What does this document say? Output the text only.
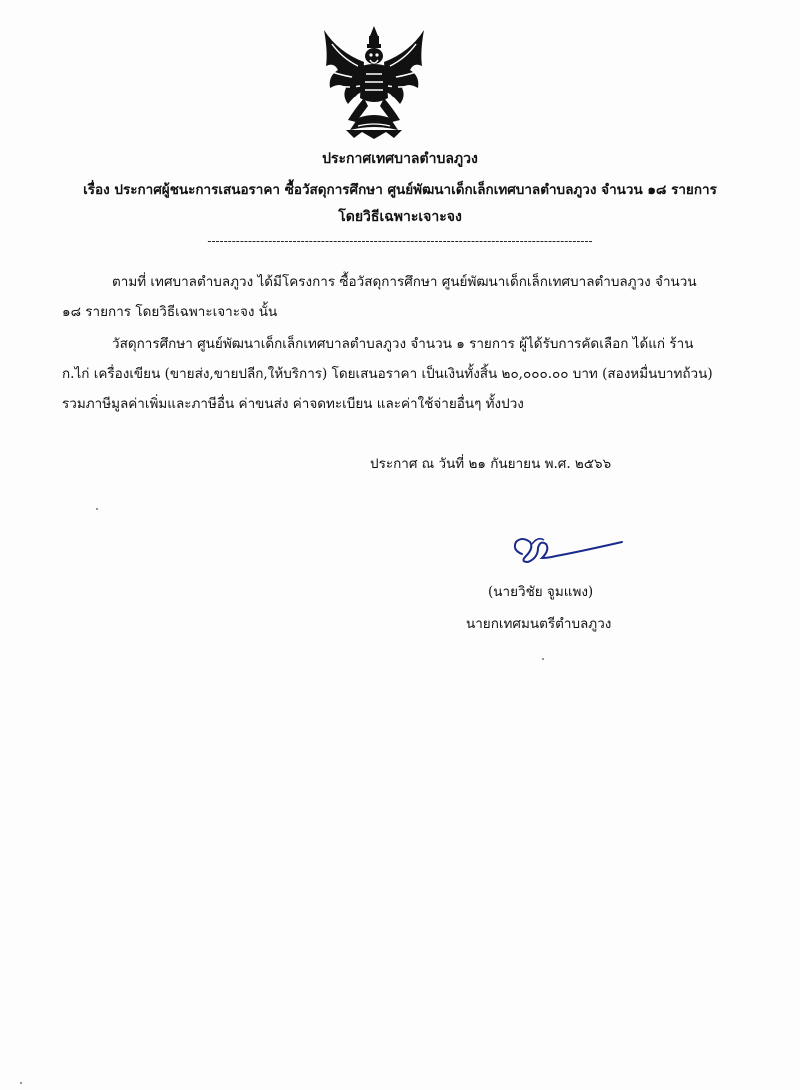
ประกาศเทศบาลตำบลภูวง
เรื่อง ประกาศผู้ชนะการเสนอราคา ซื้อวัสดุการศึกษา ศูนย์พัฒนาเด็กเล็กเทศบาลตำบลภูวง จำนวน ๑๘ รายการ
โดยวิธีเฉพาะเจาะจง
-----------------------------------------------------------------------------------------------
ตามที่ เทศบาลตำบลภูวง ได้มีโครงการ ซื้อวัสดุการศึกษา ศูนย์พัฒนาเด็กเล็กเทศบาลตำบลภูวง จำนวน
๑๘ รายการ โดยวิธีเฉพาะเจาะจง นั้น
วัสดุการศึกษา ศูนย์พัฒนาเด็กเล็กเทศบาลตำบลภูวง จำนวน ๑ รายการ ผู้ได้รับการคัดเลือก ได้แก่ ร้าน
ก.ไก่ เครื่องเขียน (ขายส่ง,ขายปลีก,ให้บริการ) โดยเสนอราคา เป็นเงินทั้งสิ้น ๒๐,๐๐๐.๐๐ บาท (สองหมื่นบาทถ้วน)
รวมภาษีมูลค่าเพิ่มและภาษีอื่น ค่าขนส่ง ค่าจดทะเบียน และค่าใช้จ่ายอื่นๆ ทั้งปวง
ประกาศ ณ วันที่ ๒๑ กันยายน พ.ศ. ๒๕๖๖
(นายวิชัย จูมแพง)
นายกเทศมนตรีตำบลภูวง
